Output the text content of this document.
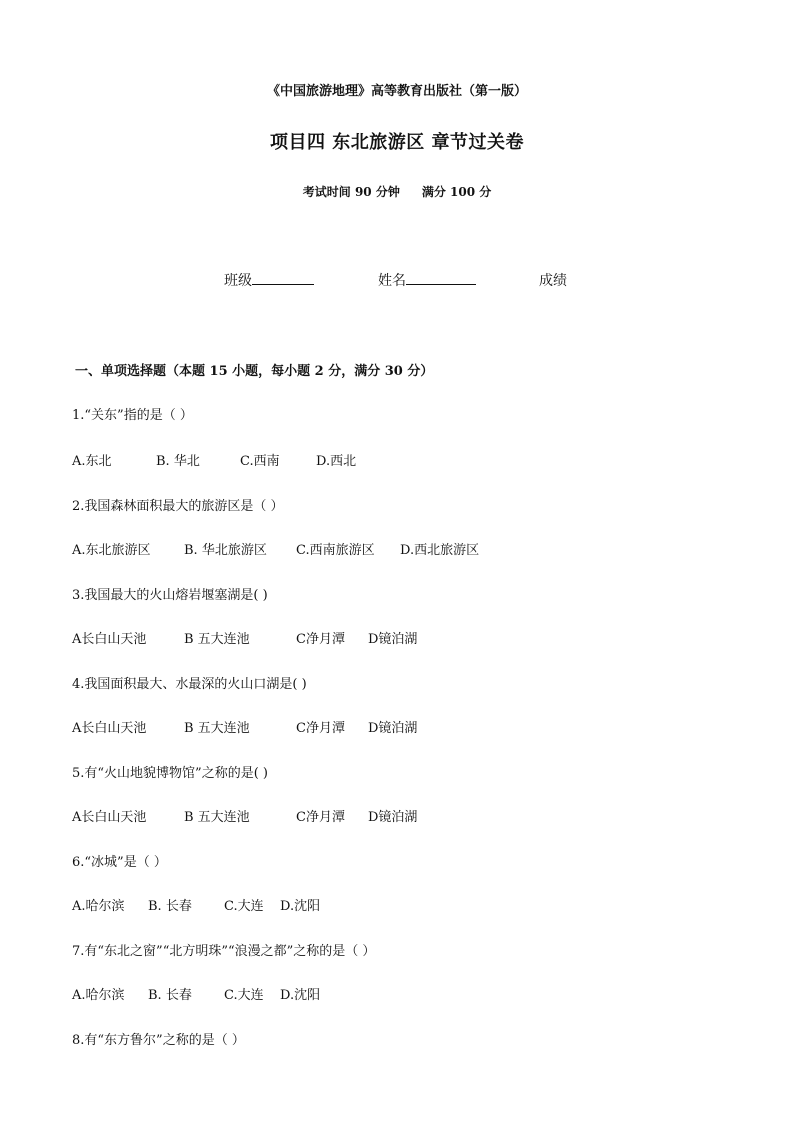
《中国旅游地理》高等教育出版社（第一版）
项目四 东北旅游区 章节过关卷
考试时间 90 分钟 满分 100 分
班级	姓名	成绩
一、单项选择题（本题 15 小题，每小题 2 分，满分 30 分）
1.“关东”指的是（ ）
A.东北	B. 华北	C.西南	D.西北
2.我国森林面积最大的旅游区是（ ）
A.东北旅游区	B. 华北旅游区 C.西南旅游区 D.西北旅游区
3.我国最大的火山熔岩堰塞湖是( )
A长白山天池	B 五大连池	C净月潭 D镜泊湖
4.我国面积最大、水最深的火山口湖是( )
A长白山天池	B 五大连池	C净月潭 D镜泊湖
5.有“火山地貌博物馆”之称的是( )
A长白山天池	B 五大连池	C净月潭 D镜泊湖
6.“冰城”是（ ）
A.哈尔滨 B. 长春 C.大连 D.沈阳
7.有“东北之窗”“北方明珠”“浪漫之都”之称的是（ ）
A.哈尔滨 B. 长春 C.大连 D.沈阳
8.有“东方鲁尔”之称的是（ ）
